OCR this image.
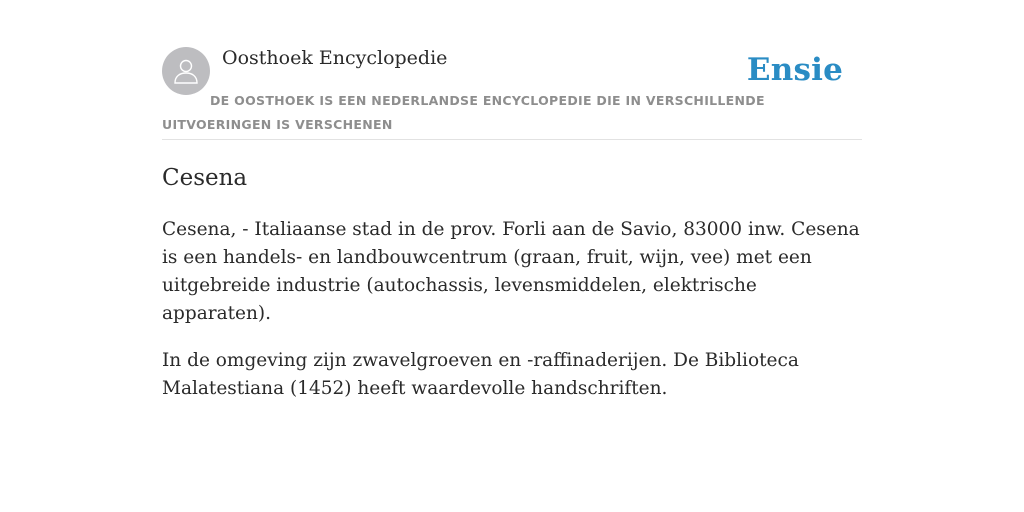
Oosthoek Encyclopedie	Ensie
DE OOSTHOEK IS EEN NEDERLANDSE ENCYCLOPEDIE DIE IN VERSCHILLENDE UITVOERINGEN IS VERSCHENEN
Cesena

Cesena, - Italiaanse stad in de prov. Forli aan de Savio, 83000 inw. Cesena is een handels- en landbouwcentrum (graan, fruit, wijn, vee) met een uitgebreide industrie (autochassis, levensmiddelen, elektrische apparaten).

In de omgeving zijn zwavelgroeven en -raffinaderijen. De Biblioteca Malatestiana (1452) heeft waardevolle handschriften.
